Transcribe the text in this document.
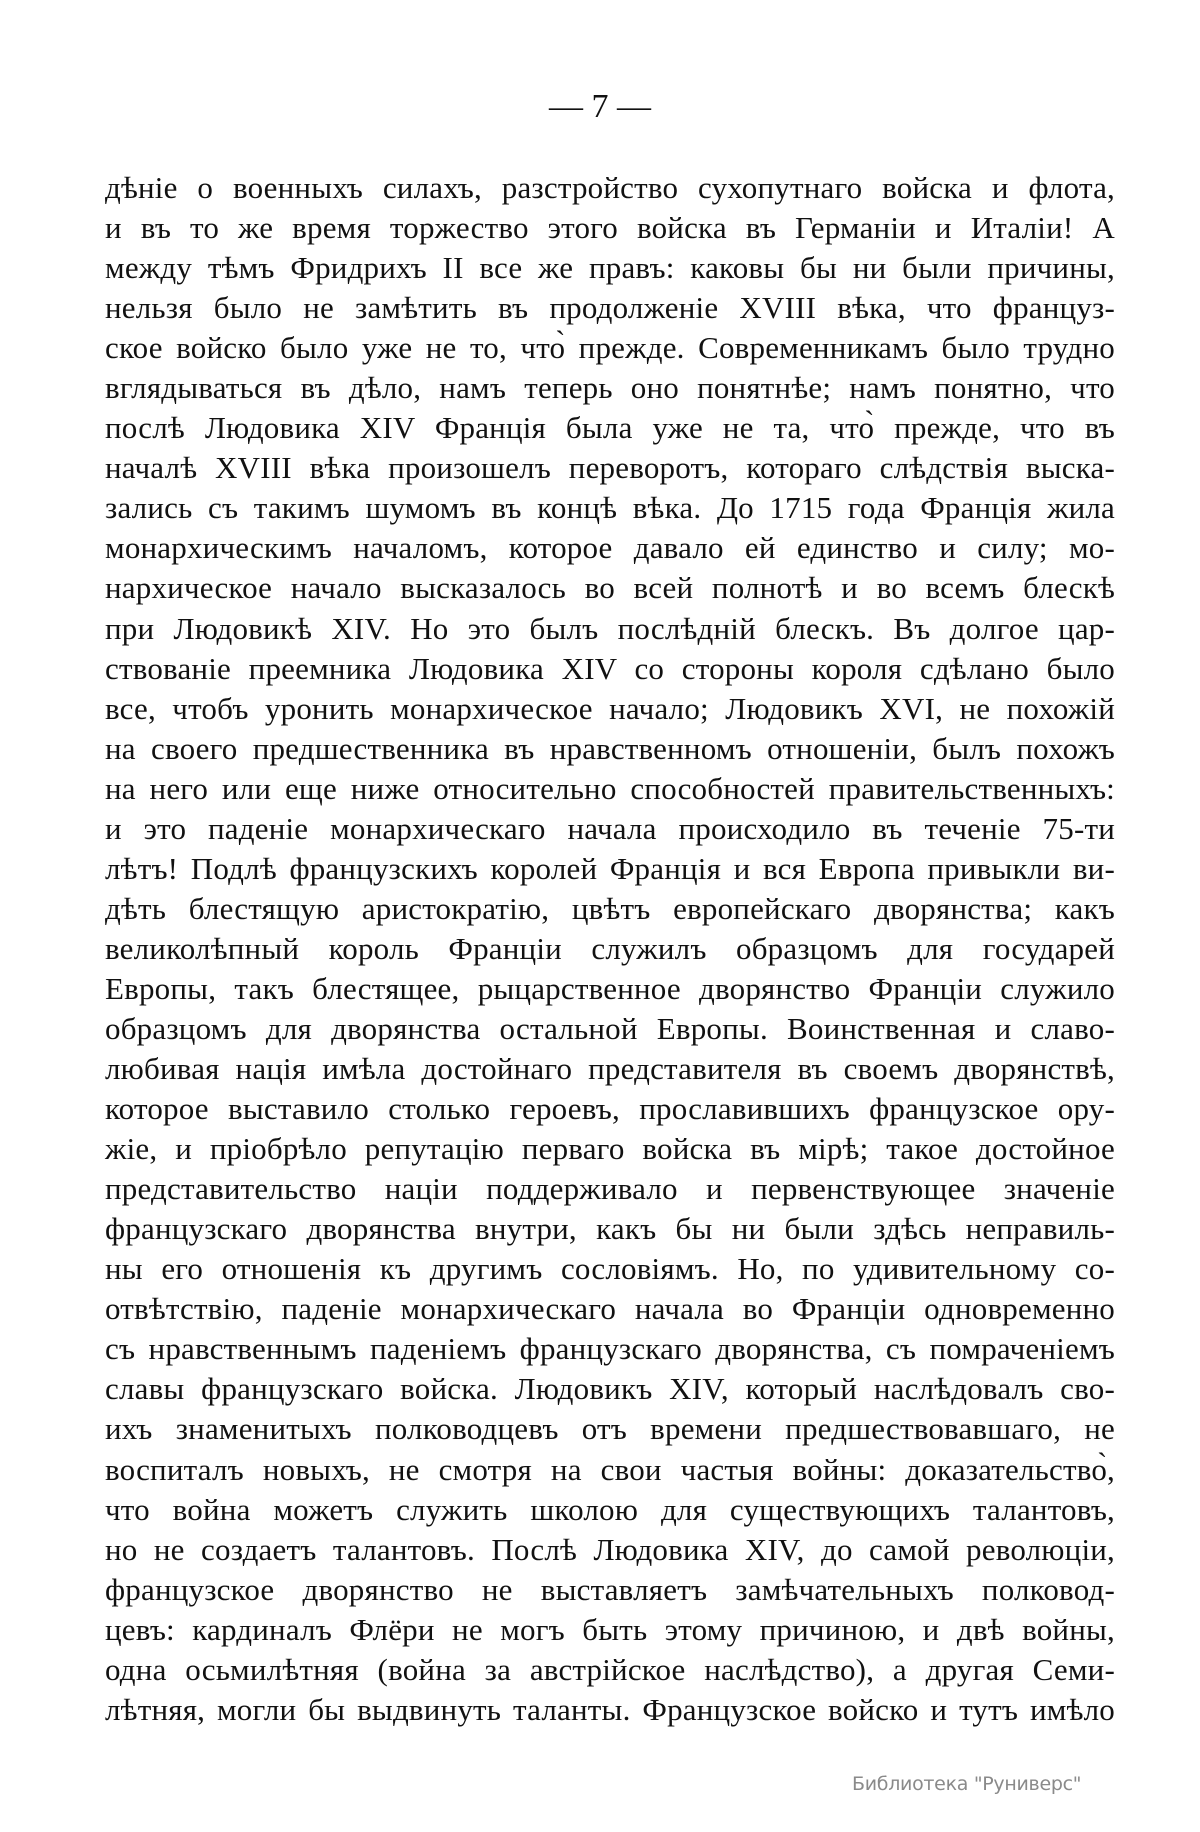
— 7 —
дѣніе о военныхъ силахъ, разстройство сухопутнаго войска и флота,
и въ то же время торжество этого войска въ Германіи и Италіи! А
между тѣмъ Фридрихъ II все же правъ: каковы бы ни были причины,
нельзя было не замѣтить въ продолженіе XVIII вѣка, что француз-
ское войско было уже не то, что̀ прежде. Современникамъ было трудно
вглядываться въ дѣло, намъ теперь оно понятнѣе; намъ понятно, что
послѣ Людовика XIV Франція была уже не та, что̀ прежде, что въ
началѣ XVIII вѣка произошелъ переворотъ, котораго слѣдствія выска-
зались съ такимъ шумомъ въ концѣ вѣка. До 1715 года Франція жила
монархическимъ началомъ, которое давало ей единство и силу; мо-
нархическое начало высказалось во всей полнотѣ и во всемъ блескѣ
при Людовикѣ XIV. Но это былъ послѣдній блескъ. Въ долгое цар-
ствованіе преемника Людовика XIV со стороны короля сдѣлано было
все, чтобъ уронить монархическое начало; Людовикъ XVI, не похожій
на своего предшественника въ нравственномъ отношеніи, былъ похожъ
на него или еще ниже относительно способностей правительственныхъ:
и это паденіе монархическаго начала происходило въ теченіе 75-ти
лѣтъ! Подлѣ французскихъ королей Франція и вся Европа привыкли ви-
дѣть блестящую аристократію, цвѣтъ европейскаго дворянства; какъ
великолѣпный король Франціи служилъ образцомъ для государей
Европы, такъ блестящее, рыцарственное дворянство Франціи служило
образцомъ для дворянства остальной Европы. Воинственная и славо-
любивая нація имѣла достойнаго представителя въ своемъ дворянствѣ,
которое выставило столько героевъ, прославившихъ французское ору-
жіе, и пріобрѣло репутацію перваго войска въ мірѣ; такое достойное
представительство націи поддерживало и первенствующее значеніе
французскаго дворянства внутри, какъ бы ни были здѣсь неправиль-
ны его отношенія къ другимъ сословіямъ. Но, по удивительному со-
отвѣтствію, паденіе монархическаго начала во Франціи одновременно
съ нравственнымъ паденіемъ французскаго дворянства, съ помраченіемъ
славы французскаго войска. Людовикъ XIV, который наслѣдовалъ сво-
ихъ знаменитыхъ полководцевъ отъ времени предшествовавшаго, не
воспиталъ новыхъ, не смотря на свои частыя войны: доказательство̀,
что война можетъ служить школою для существующихъ талантовъ,
но не создаетъ талантовъ. Послѣ Людовика XIV, до самой революціи,
французское дворянство не выставляетъ замѣчательныхъ полковод-
цевъ: кардиналъ Флёри не могъ быть этому причиною, и двѣ войны,
одна осьмилѣтняя (война за австрійское наслѣдство), а другая Семи-
лѣтняя, могли бы выдвинуть таланты. Французское войско и тутъ имѣло
Библиотека "Руниверс"
